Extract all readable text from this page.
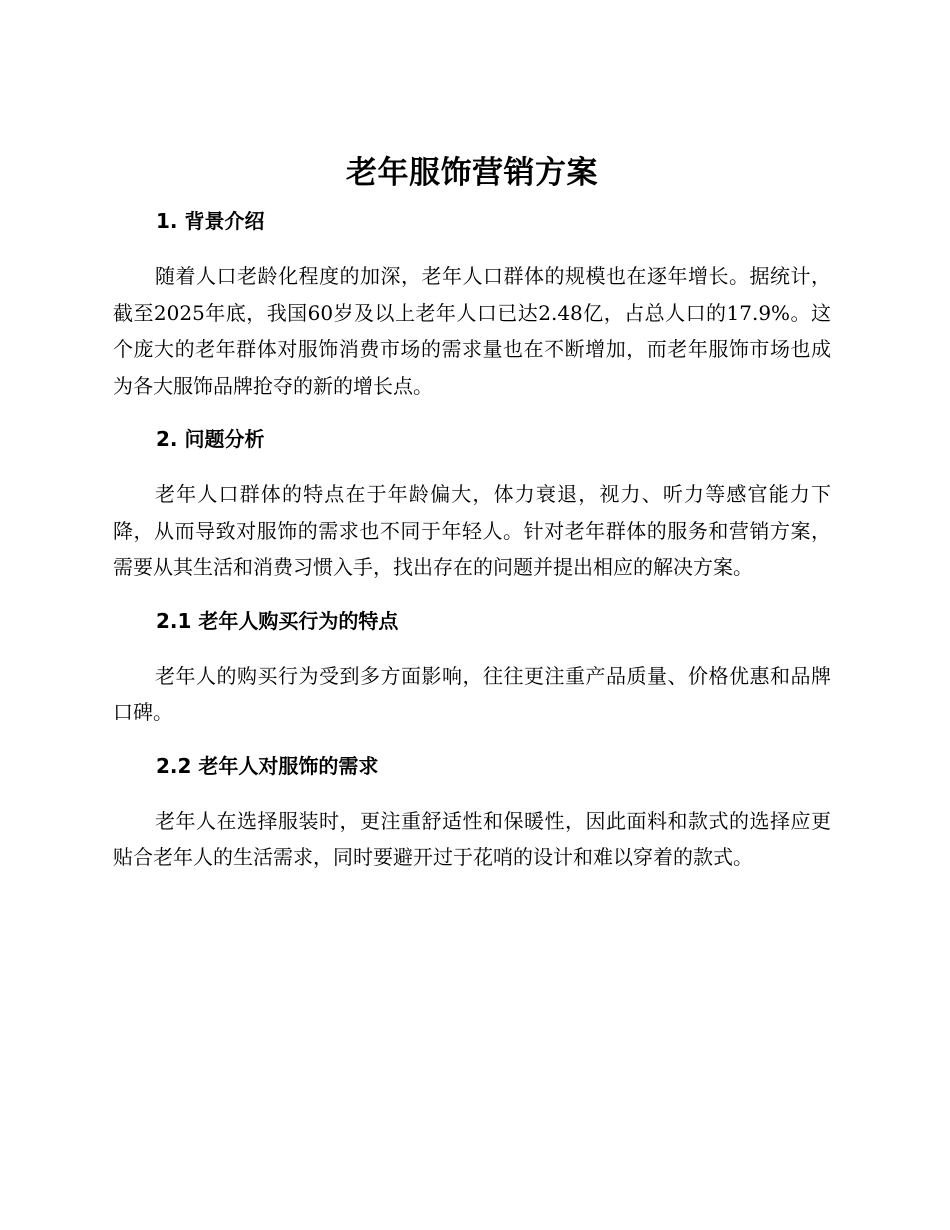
老年服饰营销方案
1. 背景介绍

随着人口老龄化程度的加深，老年人口群体的规模也在逐年增长。据统计，截至2025年底，我国60岁及以上老年人口已达2.48亿，占总人口的17.9%。这个庞大的老年群体对服饰消费市场的需求量也在不断增加，而老年服饰市场也成为各大服饰品牌抢夺的新的增长点。

2. 问题分析

老年人口群体的特点在于年龄偏大，体力衰退，视力、听力等感官能力下降，从而导致对服饰的需求也不同于年轻人。针对老年群体的服务和营销方案，需要从其生活和消费习惯入手，找出存在的问题并提出相应的解决方案。

2.1 老年人购买行为的特点

老年人的购买行为受到多方面影响，往往更注重产品质量、价格优惠和品牌口碑。

2.2 老年人对服饰的需求

老年人在选择服装时，更注重舒适性和保暖性，因此面料和款式的选择应更贴合老年人的生活需求，同时要避开过于花哨的设计和难以穿着的款式。
